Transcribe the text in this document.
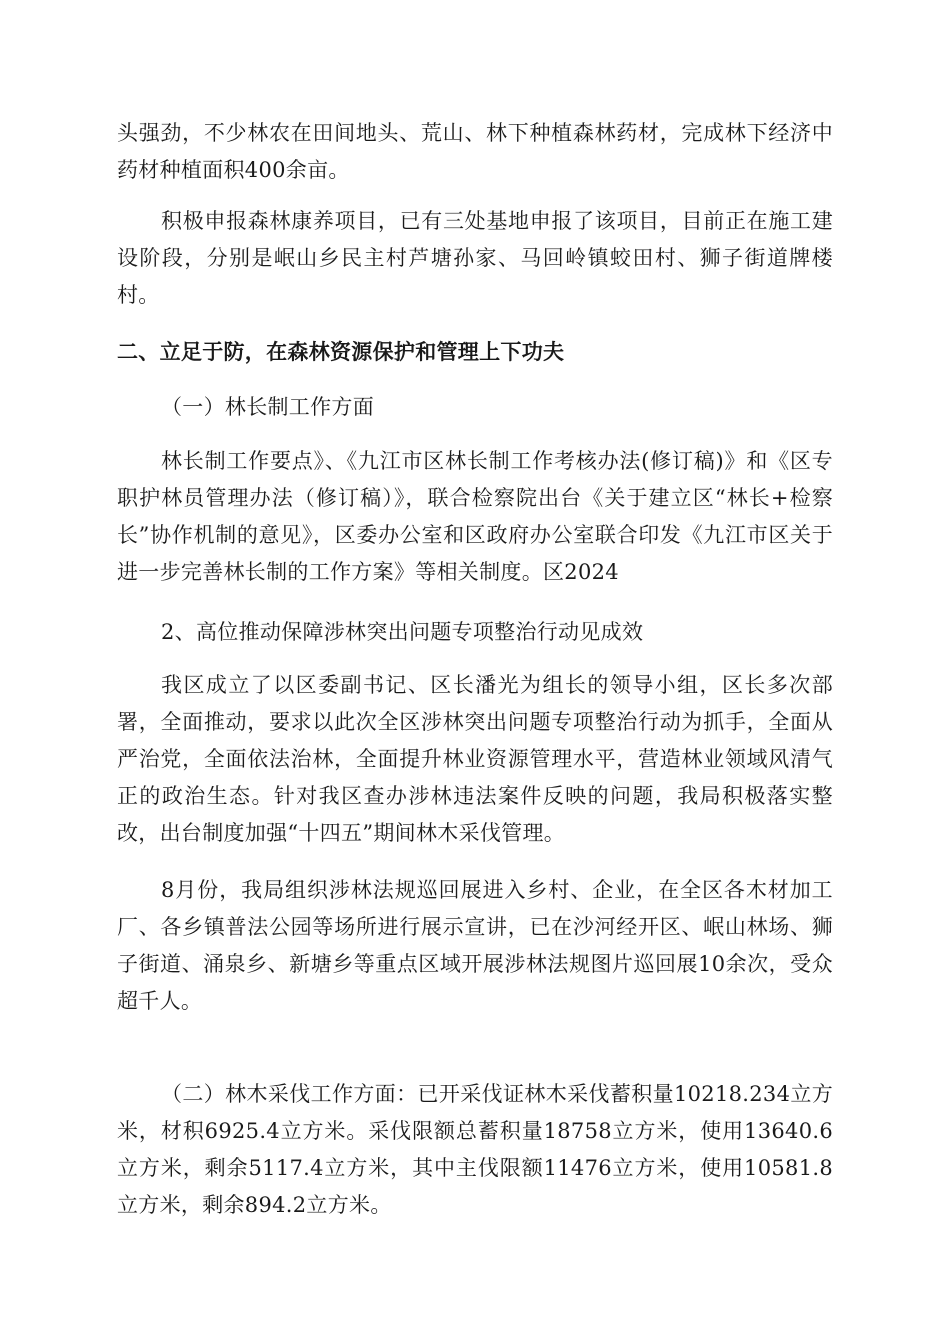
头强劲，不少林农在田间地头、荒山、林下种植森林药材，完成林下经济中药材种植面积400余亩。

积极申报森林康养项目，已有三处基地申报了该项目，目前正在施工建设阶段，分别是岷山乡民主村芦塘孙家、马回岭镇蛟田村、狮子街道牌楼村。

二、立足于防，在森林资源保护和管理上下功夫

（一）林长制工作方面

林长制工作要点》、《九江市区林长制工作考核办法(修订稿)》和《区专职护林员管理办法（修订稿）》，联合检察院出台《关于建立区“林长+检察长”协作机制的意见》，区委办公室和区政府办公室联合印发《九江市区关于进一步完善林长制的工作方案》等相关制度。区2024

2、高位推动保障涉林突出问题专项整治行动见成效

我区成立了以区委副书记、区长潘光为组长的领导小组，区长多次部署，全面推动，要求以此次全区涉林突出问题专项整治行动为抓手，全面从严治党，全面依法治林，全面提升林业资源管理水平，营造林业领域风清气正的政治生态。针对我区查办涉林违法案件反映的问题，我局积极落实整改，出台制度加强“十四五”期间林木采伐管理。

8月份，我局组织涉林法规巡回展进入乡村、企业，在全区各木材加工厂、各乡镇普法公园等场所进行展示宣讲，已在沙河经开区、岷山林场、狮子街道、涌泉乡、新塘乡等重点区域开展涉林法规图片巡回展10余次，受众超千人。

（二）林木采伐工作方面：已开采伐证林木采伐蓄积量10218.234立方米，材积6925.4立方米。采伐限额总蓄积量18758立方米，使用13640.6立方米，剩余5117.4立方米，其中主伐限额11476立方米，使用10581.8立方米，剩余894.2立方米。
